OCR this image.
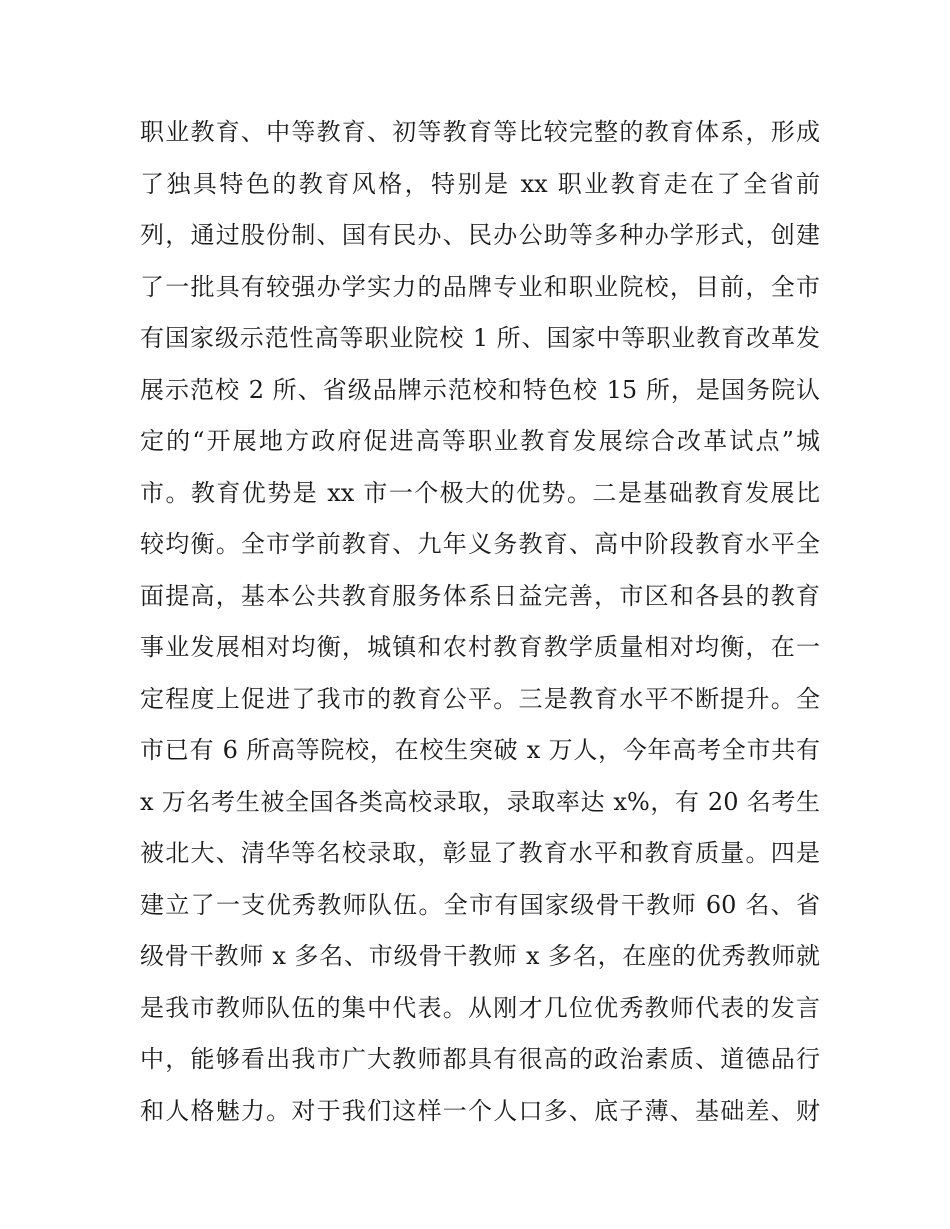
职业教育、中等教育、初等教育等比较完整的教育体系，形成
了独具特色的教育风格，特别是 xx 职业教育走在了全省前
列，通过股份制、国有民办、民办公助等多种办学形式，创建
了一批具有较强办学实力的品牌专业和职业院校，目前，全市
有国家级示范性高等职业院校 1 所、国家中等职业教育改革发
展示范校 2 所、省级品牌示范校和特色校 15 所，是国务院认
定的“开展地方政府促进高等职业教育发展综合改革试点”城
市。教育优势是 xx 市一个极大的优势。二是基础教育发展比
较均衡。全市学前教育、九年义务教育、高中阶段教育水平全
面提高，基本公共教育服务体系日益完善，市区和各县的教育
事业发展相对均衡，城镇和农村教育教学质量相对均衡，在一
定程度上促进了我市的教育公平。三是教育水平不断提升。全
市已有 6 所高等院校，在校生突破 x 万人，今年高考全市共有
x 万名考生被全国各类高校录取，录取率达 x%，有 20 名考生
被北大、清华等名校录取，彰显了教育水平和教育质量。四是
建立了一支优秀教师队伍。全市有国家级骨干教师 60 名、省
级骨干教师 x 多名、市级骨干教师 x 多名，在座的优秀教师就
是我市教师队伍的集中代表。从刚才几位优秀教师代表的发言
中，能够看出我市广大教师都具有很高的政治素质、道德品行
和人格魅力。对于我们这样一个人口多、底子薄、基础差、财
